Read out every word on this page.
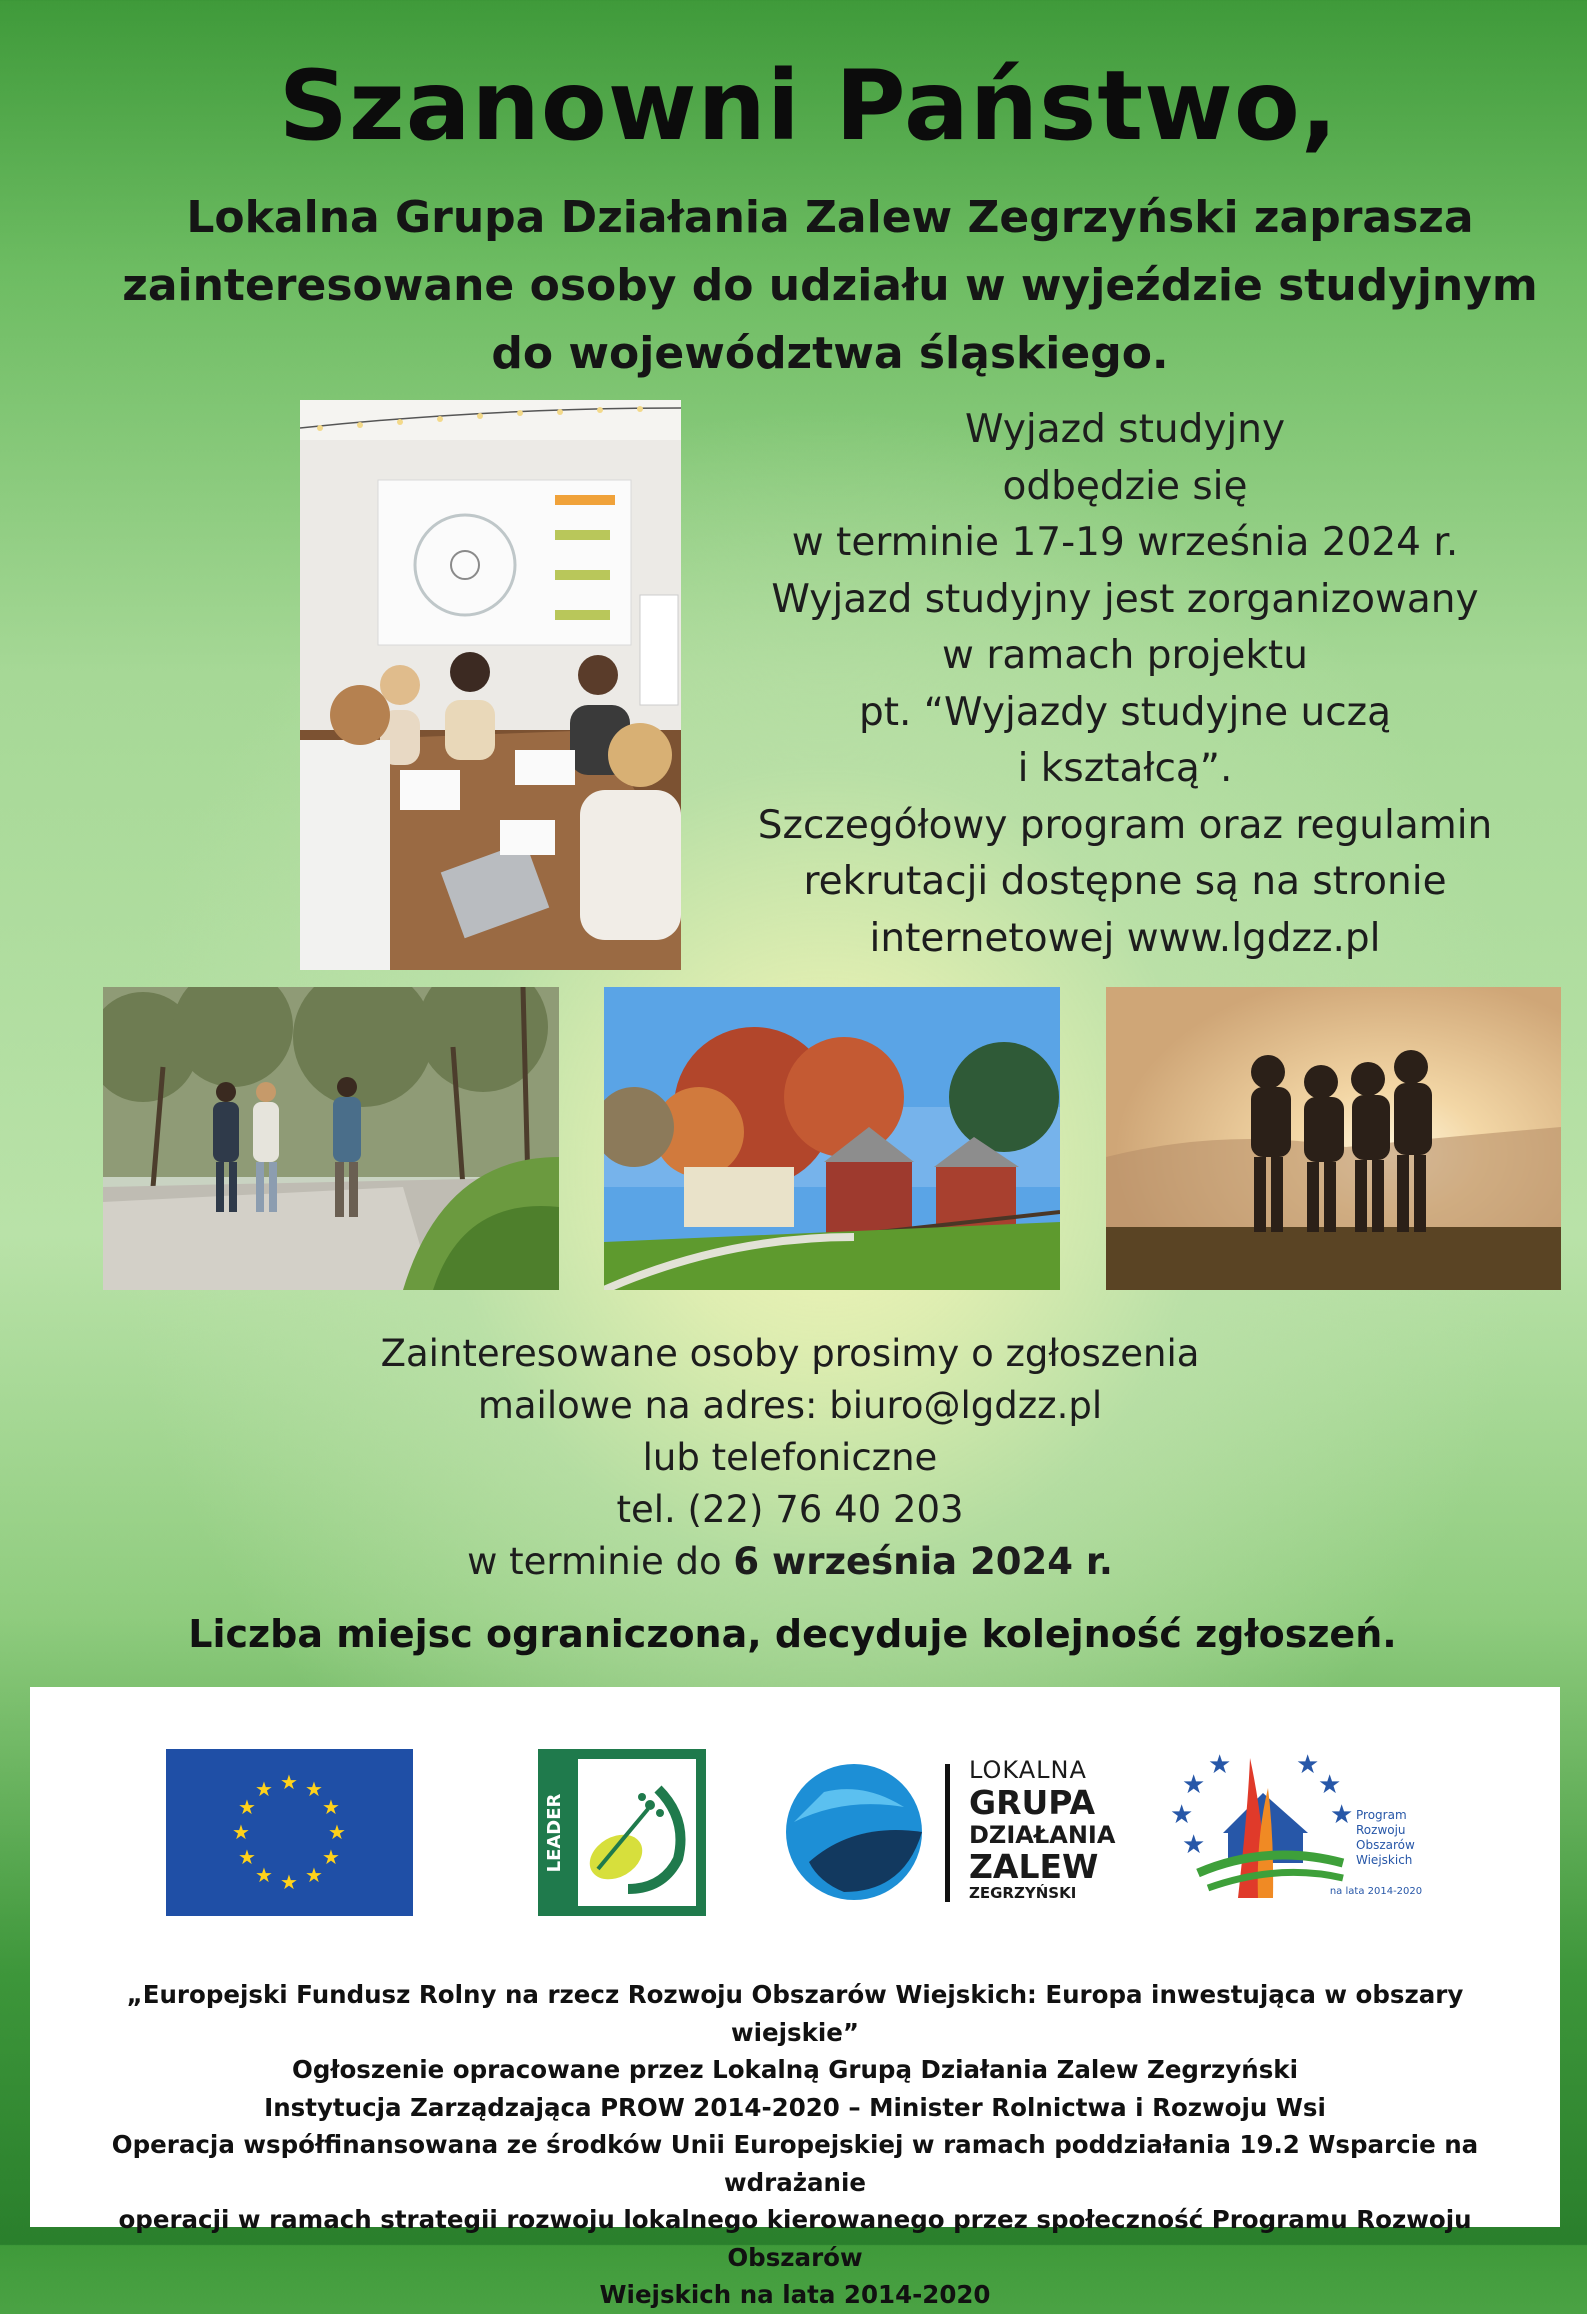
Szanowni Państwo,
Lokalna Grupa Działania Zalew Zegrzyński zaprasza
zainteresowane osoby do udziału w wyjeździe studyjnym
do województwa śląskiego.
Wyjazd studyjny
odbędzie się
w terminie 17-19 września 2024 r.
Wyjazd studyjny jest zorganizowany
w ramach projektu
pt. “Wyjazdy studyjne uczą
i kształcą”.
Szczegółowy program oraz regulamin
rekrutacji dostępne są na stronie
internetowej www.lgdzz.pl
Zainteresowane osoby prosimy o zgłoszenia
mailowe na adres: biuro@lgdzz.pl
lub telefoniczne
tel. (22) 76 40 203
w terminie do 6 września 2024 r.
Liczba miejsc ograniczona, decyduje kolejność zgłoszeń.
★ ★
★
★
★
★
★
★
★
★
★
★
LEADER
LOKALNA
GRUPA
DZIAŁANIA
ZALEW
ZEGRZYŃSKI
★
★
★ ★
★
★
★
Program
Rozwoju
Obszarów
Wiejskich
na lata 2014-2020
„Europejski Fundusz Rolny na rzecz Rozwoju Obszarów Wiejskich: Europa inwestująca w obszary wiejskie”
Ogłoszenie opracowane przez Lokalną Grupą Działania Zalew Zegrzyński
Instytucja Zarządzająca PROW 2014-2020 – Minister Rolnictwa i Rozwoju Wsi
Operacja współfinansowana ze środków Unii Europejskiej w ramach poddziałania 19.2 Wsparcie na wdrażanie
operacji w ramach strategii rozwoju lokalnego kierowanego przez społeczność Programu Rozwoju Obszarów
Wiejskich na lata 2014-2020
